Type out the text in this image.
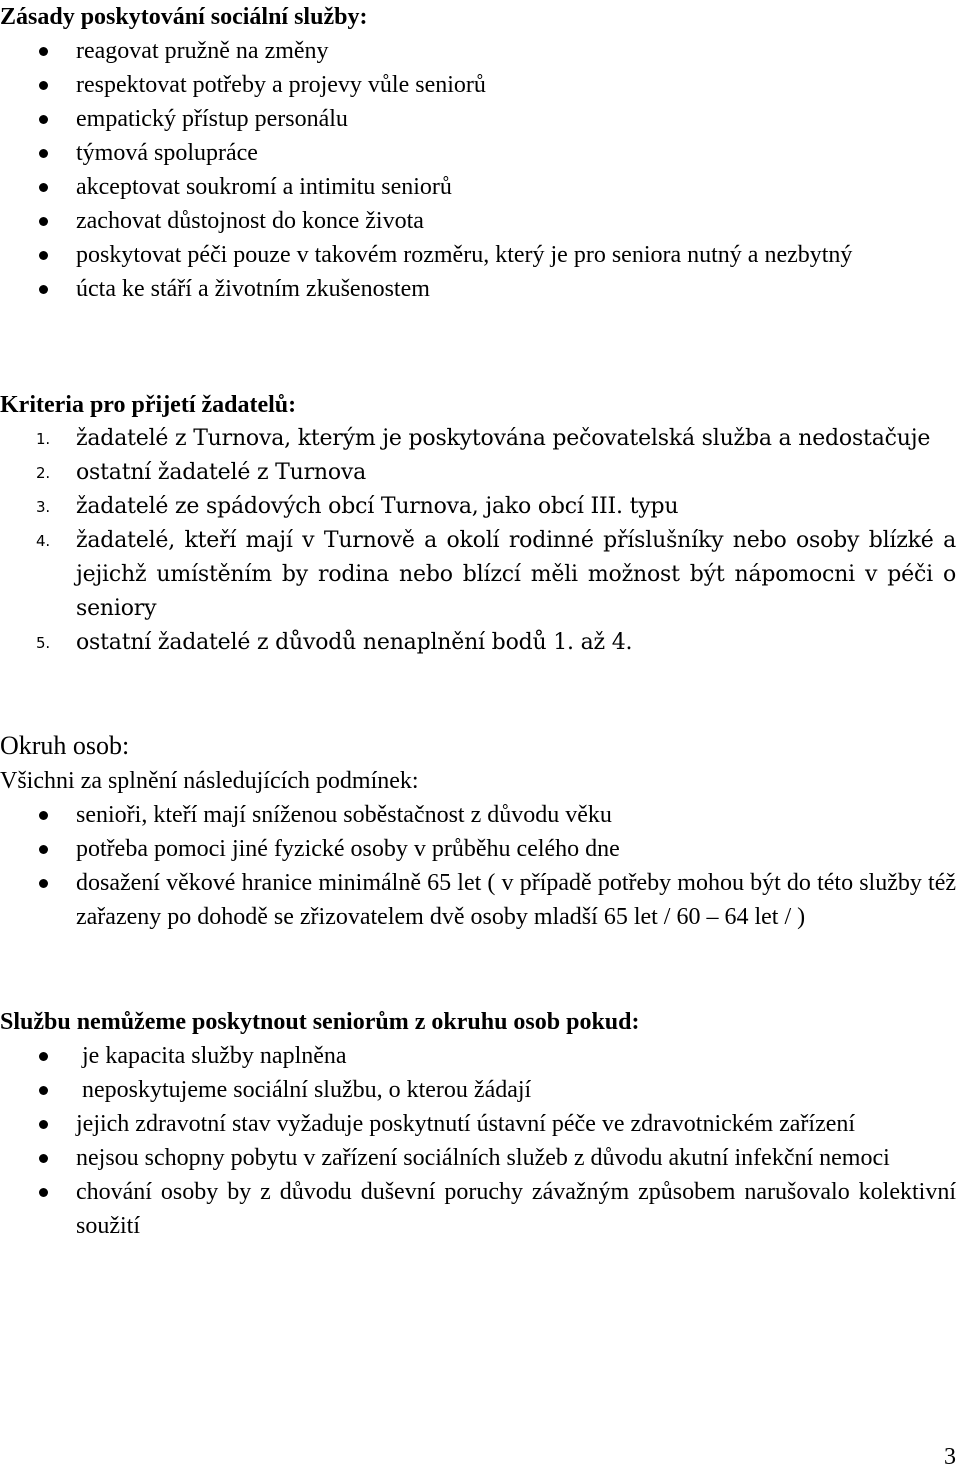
Zásady poskytování sociální služby:

reagovat pružně na změny
respektovat potřeby a projevy vůle seniorů
empatický přístup personálu
týmová spolupráce
akceptovat soukromí a intimitu seniorů
zachovat důstojnost do konce života
poskytovat péči pouze v takovém rozměru, který je pro seniora nutný a nezbytný
úcta ke stáří a životním zkušenostem

Kriteria pro přijetí žadatelů:

1. žadatelé z Turnova, kterým je poskytována pečovatelská služba a nedostačuje
2. ostatní žadatelé z Turnova
3. žadatelé ze spádových obcí Turnova, jako obcí III. typu
4. žadatelé, kteří mají v Turnově a okolí rodinné příslušníky nebo osoby blízké a jejichž umístěním by rodina nebo blízcí měli možnost být nápomocni v péči o seniory
5. ostatní žadatelé z důvodů nenaplnění bodů 1. až 4.

Okruh osob:

Všichni za splnění následujících podmínek:

senioři, kteří mají sníženou soběstačnost z důvodu věku
potřeba pomoci jiné fyzické osoby v průběhu celého dne
dosažení věkové hranice minimálně 65 let ( v případě potřeby mohou být do této služby též zařazeny po dohodě se zřizovatelem dvě osoby mladší 65 let / 60 – 64 let / )

Službu nemůžeme poskytnout seniorům z okruhu osob pokud:

je kapacita služby naplněna
neposkytujeme sociální službu, o kterou žádají
jejich zdravotní stav vyžaduje poskytnutí ústavní péče ve zdravotnickém zařízení
nejsou schopny pobytu v zařízení sociálních služeb z důvodu akutní infekční nemoci
chování osoby by z důvodu duševní poruchy závažným způsobem narušovalo kolektivní soužití
3
